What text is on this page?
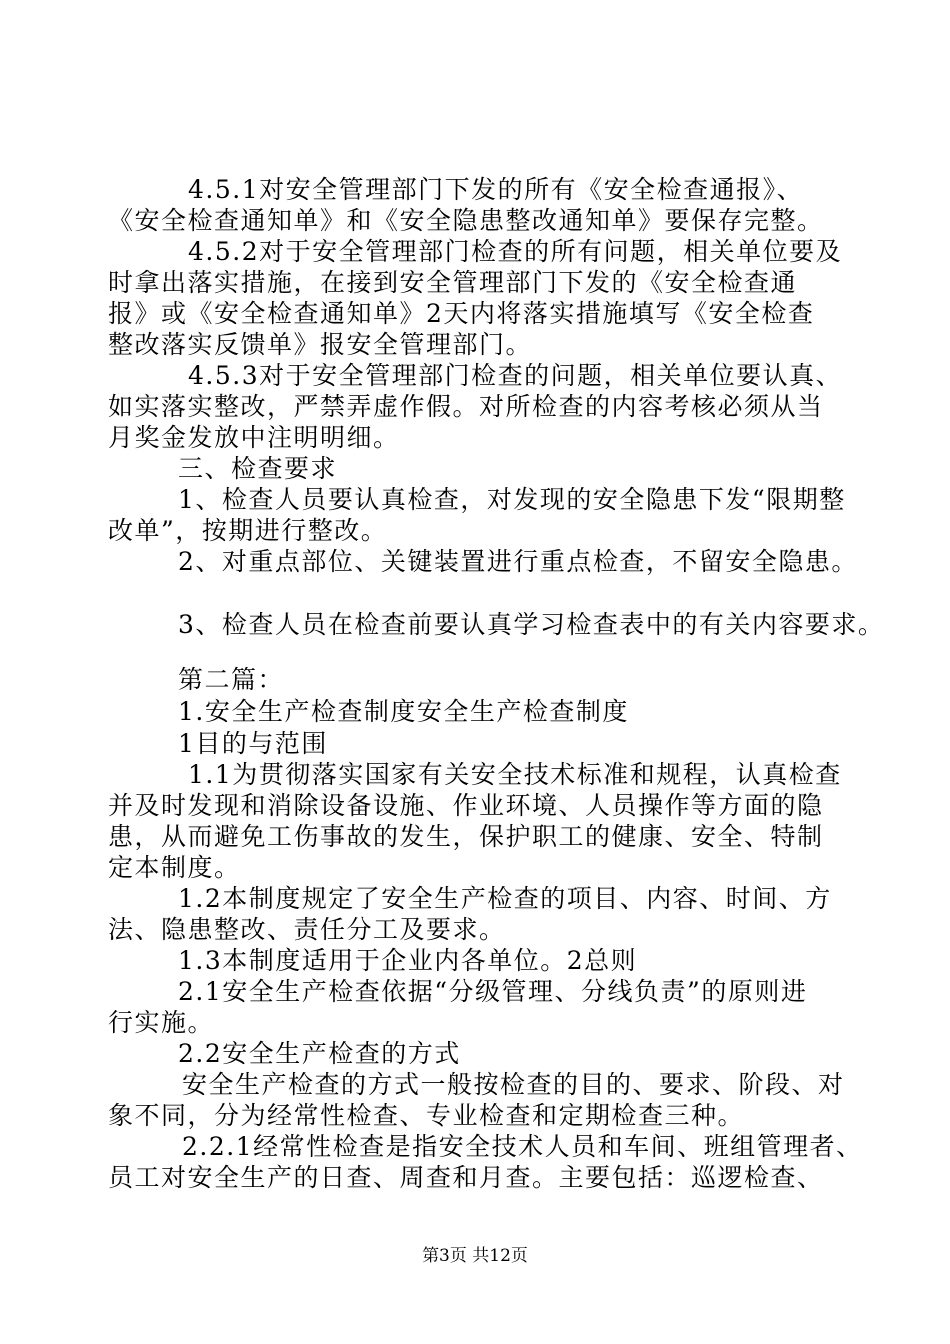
4.5.1对安全管理部门下发的所有《安全检查通报》、
《安全检查通知单》和《安全隐患整改通知单》要保存完整。
4.5.2对于安全管理部门检查的所有问题，相关单位要及
时拿出落实措施，在接到安全管理部门下发的《安全检查通
报》或《安全检查通知单》2天内将落实措施填写《安全检查
整改落实反馈单》报安全管理部门。
4.5.3对于安全管理部门检查的问题，相关单位要认真、
如实落实整改，严禁弄虚作假。对所检查的内容考核必须从当
月奖金发放中注明明细。
三、检查要求
1、检查人员要认真检查，对发现的安全隐患下发“限期整
改单”，按期进行整改。
2、对重点部位、关键装置进行重点检查，不留安全隐患。
3、检查人员在检查前要认真学习检查表中的有关内容要求。
第二篇：
1.安全生产检查制度安全生产检查制度
1目的与范围
1.1为贯彻落实国家有关安全技术标准和规程，认真检查
并及时发现和消除设备设施、作业环境、人员操作等方面的隐
患，从而避免工伤事故的发生，保护职工的健康、安全、特制
定本制度。
1.2本制度规定了安全生产检查的项目、内容、时间、方
法、隐患整改、责任分工及要求。
1.3本制度适用于企业内各单位。2总则
2.1安全生产检查依据“分级管理、分线负责”的原则进
行实施。
2.2安全生产检查的方式
安全生产检查的方式一般按检查的目的、要求、阶段、对
象不同，分为经常性检查、专业检查和定期检查三种。
2.2.1经常性检查是指安全技术人员和车间、班组管理者、
员工对安全生产的日查、周查和月查。主要包括：巡逻检查、
第3页 共12页
